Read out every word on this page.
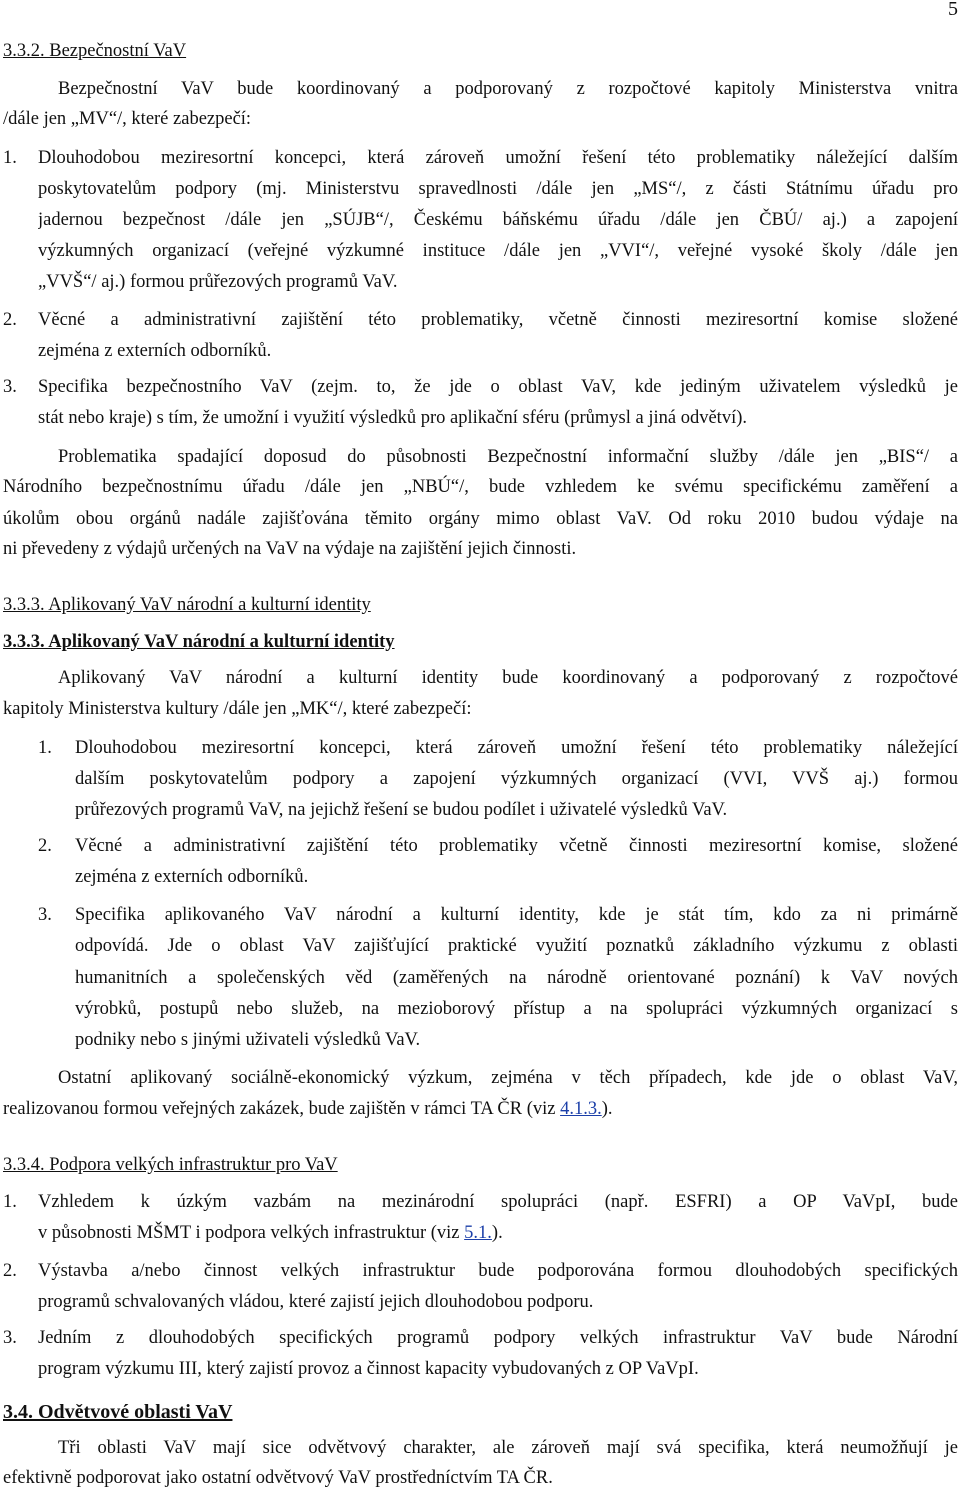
5
3.3.2. Bezpečnostní VaV
Bezpečnostní VaV bude koordinovaný a podporovaný z rozpočtové kapitoly Ministerstva vnitra
/dále jen „MV“/, které zabezpečí:
1. Dlouhodobou meziresortní koncepci, která zároveň umožní řešení této problematiky náležející dalším
poskytovatelům podpory (mj. Ministerstvu spravedlnosti /dále jen „MS“/, z části Státnímu úřadu pro
jadernou bezpečnost /dále jen „SÚJB“/, Českému báňskému úřadu /dále jen ČBÚ/ aj.) a zapojení
výzkumných organizací (veřejné výzkumné instituce /dále jen „VVI“/, veřejné vysoké školy /dále jen
„VVŠ“/ aj.) formou průřezových programů VaV.
2. Věcné a administrativní zajištění této problematiky, včetně činnosti meziresortní komise složené
zejména z externích odborníků.
3. Specifika bezpečnostního VaV (zejm. to, že jde o oblast VaV, kde jediným uživatelem výsledků je
stát nebo kraje) s tím, že umožní i využití výsledků pro aplikační sféru (průmysl a jiná odvětví).
Problematika spadající doposud do působnosti Bezpečnostní informační služby /dále jen „BIS“/ a
Národního bezpečnostnímu úřadu /dále jen „NBÚ“/, bude vzhledem ke svému specifickému zaměření a
úkolům obou orgánů nadále zajišťována těmito orgány mimo oblast VaV. Od roku 2010 budou výdaje na
ni převedeny z výdajů určených na VaV na výdaje na zajištění jejich činnosti.
3.3.3. Aplikovaný VaV národní a kulturní identity
3.3.3. Aplikovaný VaV národní a kulturní identity
Aplikovaný VaV národní a kulturní identity bude koordinovaný a podporovaný z rozpočtové
kapitoly Ministerstva kultury /dále jen „MK“/, které zabezpečí:
1. Dlouhodobou meziresortní koncepci, která zároveň umožní řešení této problematiky náležející
dalším poskytovatelům podpory a zapojení výzkumných organizací (VVI, VVŠ aj.) formou
průřezových programů VaV, na jejichž řešení se budou podílet i uživatelé výsledků VaV.
2. Věcné a administrativní zajištění této problematiky včetně činnosti meziresortní komise, složené
zejména z externích odborníků.
3. Specifika aplikovaného VaV národní a kulturní identity, kde je stát tím, kdo za ni primárně
odpovídá. Jde o oblast VaV zajišťující praktické využití poznatků základního výzkumu z oblasti
humanitních a společenských věd (zaměřených na národně orientované poznání) k VaV nových
výrobků, postupů nebo služeb, na mezioborový přístup a na spolupráci výzkumných organizací s
podniky nebo s jinými uživateli výsledků VaV.
Ostatní aplikovaný sociálně-ekonomický výzkum, zejména v těch případech, kde jde o oblast VaV,
realizovanou formou veřejných zakázek, bude zajištěn v rámci TA ČR (viz 4.1.3.).
3.3.4. Podpora velkých infrastruktur pro VaV
1. Vzhledem k úzkým vazbám na mezinárodní spolupráci (např. ESFRI) a OP VaVpI, bude
v působnosti MŠMT i podpora velkých infrastruktur (viz 5.1.).
2. Výstavba a/nebo činnost velkých infrastruktur bude podporována formou dlouhodobých specifických
programů schvalovaných vládou, které zajistí jejich dlouhodobou podporu.
3. Jedním z dlouhodobých specifických programů podpory velkých infrastruktur VaV bude Národní
program výzkumu III, který zajistí provoz a činnost kapacity vybudovaných z OP VaVpI.
3.4. Odvětvové oblasti VaV
Tři oblasti VaV mají sice odvětvový charakter, ale zároveň mají svá specifika, která neumožňují je
efektivně podporovat jako ostatní odvětvový VaV prostředníctvím TA ČR.
